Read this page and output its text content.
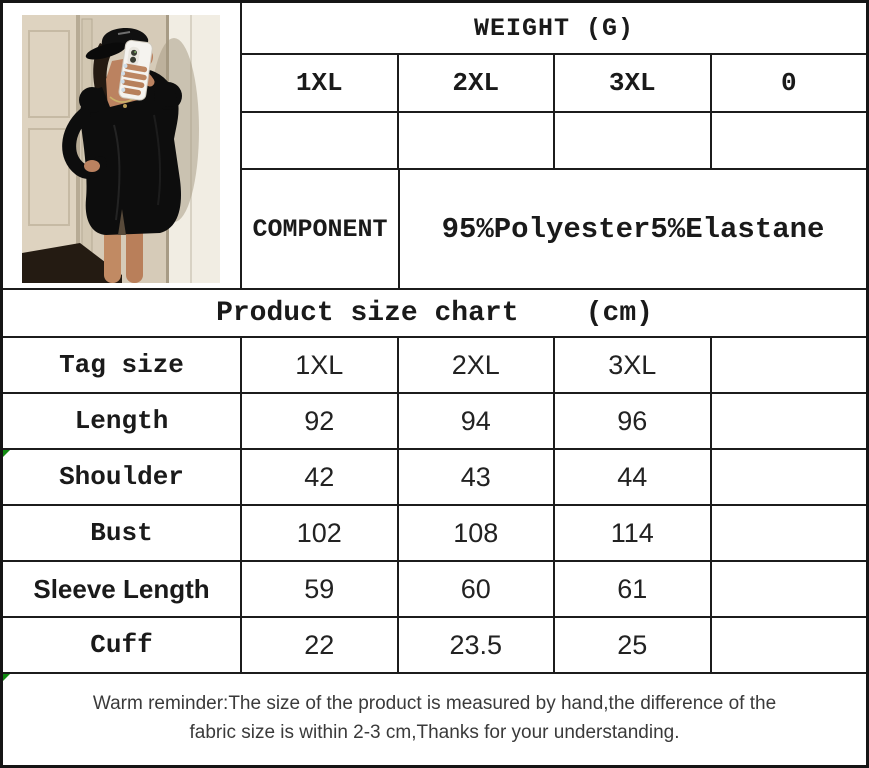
WEIGHT (G)
1XL	2XL	3XL	0
COMPONENT	95%Polyester5%Elastane
Product size chart    (cm)
Tag size	1XL	2XL	3XL
Length	92	94	96
Shoulder	42	43	44
Bust	102	108	114
Sleeve Length	59	60	61
Cuff	22	23.5	25
Warm reminder:The size of the product is measured by hand,the difference of the
fabric size is within 2-3 cm,Thanks for your understanding.
